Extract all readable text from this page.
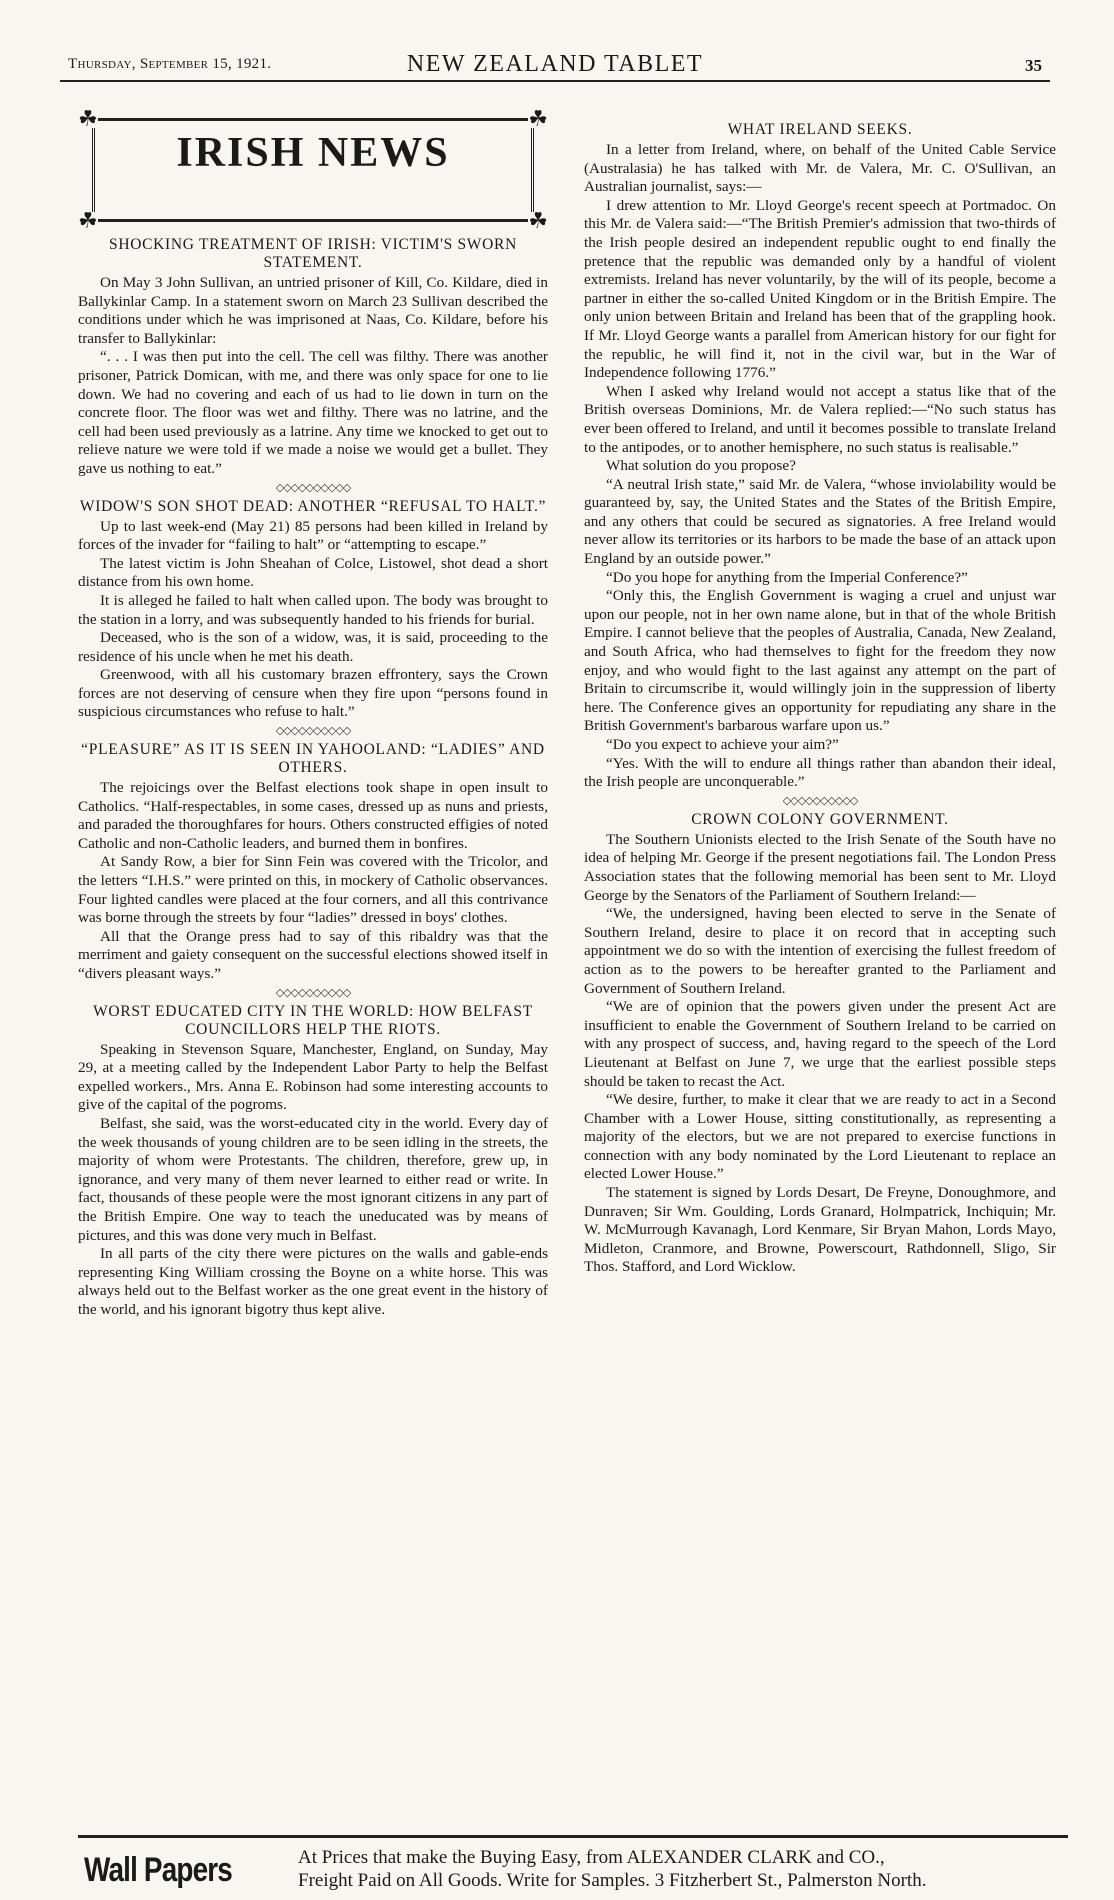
Thursday, September 15, 1921.	NEW ZEALAND TABLET	35
☘	☘
☘	☘
IRISH NEWS
SHOCKING TREATMENT OF IRISH: VICTIM'S SWORN STATEMENT.

On May 3 John Sullivan, an untried prisoner of Kill, Co. Kildare, died in Ballykinlar Camp. In a statement sworn on March 23 Sullivan described the conditions under which he was imprisoned at Naas, Co. Kildare, before his transfer to Ballykinlar:

“. . . I was then put into the cell. The cell was filthy. There was another prisoner, Patrick Domican, with me, and there was only space for one to lie down. We had no covering and each of us had to lie down in turn on the concrete floor. The floor was wet and filthy. There was no latrine, and the cell had been used previously as a latrine. Any time we knocked to get out to relieve nature we were told if we made a noise we would get a bullet. They gave us nothing to eat.”

◇◇◇◇◇◇◇◇◇◇
WIDOW'S SON SHOT DEAD: ANOTHER “REFUSAL TO HALT.”

Up to last week-end (May 21) 85 persons had been killed in Ireland by forces of the invader for “failing to halt” or “attempting to escape.”

The latest victim is John Sheahan of Colce, Listowel, shot dead a short distance from his own home.

It is alleged he failed to halt when called upon. The body was brought to the station in a lorry, and was subsequently handed to his friends for burial.

Deceased, who is the son of a widow, was, it is said, proceeding to the residence of his uncle when he met his death.

Greenwood, with all his customary brazen effrontery, says the Crown forces are not deserving of censure when they fire upon “persons found in suspicious circumstances who refuse to halt.”

◇◇◇◇◇◇◇◇◇◇
“PLEASURE” AS IT IS SEEN IN YAHOOLAND: “LADIES” AND OTHERS.

The rejoicings over the Belfast elections took shape in open insult to Catholics. “Half-respectables, in some cases, dressed up as nuns and priests, and paraded the thoroughfares for hours. Others constructed effigies of noted Catholic and non-Catholic leaders, and burned them in bonfires.

At Sandy Row, a bier for Sinn Fein was covered with the Tricolor, and the letters “I.H.S.” were printed on this, in mockery of Catholic observances. Four lighted candles were placed at the four corners, and all this contrivance was borne through the streets by four “ladies” dressed in boys' clothes.

All that the Orange press had to say of this ribaldry was that the merriment and gaiety consequent on the successful elections showed itself in “divers pleasant ways.”

◇◇◇◇◇◇◇◇◇◇
WORST EDUCATED CITY IN THE WORLD: HOW BELFAST COUNCILLORS HELP THE RIOTS.

Speaking in Stevenson Square, Manchester, England, on Sunday, May 29, at a meeting called by the Independent Labor Party to help the Belfast expelled workers., Mrs. Anna E. Robinson had some interesting accounts to give of the capital of the pogroms.

Belfast, she said, was the worst-educated city in the world. Every day of the week thousands of young children are to be seen idling in the streets, the majority of whom were Protestants. The children, therefore, grew up, in ignorance, and very many of them never learned to either read or write. In fact, thousands of these people were the most ignorant citizens in any part of the British Empire. One way to teach the uneducated was by means of pictures, and this was done very much in Belfast.

In all parts of the city there were pictures on the walls and gable-ends representing King William crossing the Boyne on a white horse. This was always held out to the Belfast worker as the one great event in the history of the world, and his ignorant bigotry thus kept alive.

WHAT IRELAND SEEKS.

In a letter from Ireland, where, on behalf of the United Cable Service (Australasia) he has talked with Mr. de Valera, Mr. C. O'Sullivan, an Australian journalist, says:—

I drew attention to Mr. Lloyd George's recent speech at Portmadoc. On this Mr. de Valera said:—“The British Premier's admission that two-thirds of the Irish people desired an independent republic ought to end finally the pretence that the republic was demanded only by a handful of violent extremists. Ireland has never voluntarily, by the will of its people, become a partner in either the so-called United Kingdom or in the British Empire. The only union between Britain and Ireland has been that of the grappling hook. If Mr. Lloyd George wants a parallel from American history for our fight for the republic, he will find it, not in the civil war, but in the War of Independence following 1776.”

When I asked why Ireland would not accept a status like that of the British overseas Dominions, Mr. de Valera replied:—“No such status has ever been offered to Ireland, and until it becomes possible to translate Ireland to the antipodes, or to another hemisphere, no such status is realisable.”

What solution do you propose?

“A neutral Irish state,” said Mr. de Valera, “whose inviolability would be guaranteed by, say, the United States and the States of the British Empire, and any others that could be secured as signatories. A free Ireland would never allow its territories or its harbors to be made the base of an attack upon England by an outside power.”

“Do you hope for anything from the Imperial Conference?”

“Only this, the English Government is waging a cruel and unjust war upon our people, not in her own name alone, but in that of the whole British Empire. I cannot believe that the peoples of Australia, Canada, New Zealand, and South Africa, who had themselves to fight for the freedom they now enjoy, and who would fight to the last against any attempt on the part of Britain to circumscribe it, would willingly join in the suppression of liberty here. The Conference gives an opportunity for repudiating any share in the British Government's barbarous warfare upon us.”

“Do you expect to achieve your aim?”

“Yes. With the will to endure all things rather than abandon their ideal, the Irish people are unconquerable.”

◇◇◇◇◇◇◇◇◇◇
CROWN COLONY GOVERNMENT.

The Southern Unionists elected to the Irish Senate of the South have no idea of helping Mr. George if the present negotiations fail. The London Press Association states that the following memorial has been sent to Mr. Lloyd George by the Senators of the Parliament of Southern Ireland:—

“We, the undersigned, having been elected to serve in the Senate of Southern Ireland, desire to place it on record that in accepting such appointment we do so with the intention of exercising the fullest freedom of action as to the powers to be hereafter granted to the Parliament and Government of Southern Ireland.

“We are of opinion that the powers given under the present Act are insufficient to enable the Government of Southern Ireland to be carried on with any prospect of success, and, having regard to the speech of the Lord Lieutenant at Belfast on June 7, we urge that the earliest possible steps should be taken to recast the Act.

“We desire, further, to make it clear that we are ready to act in a Second Chamber with a Lower House, sitting constitutionally, as representing a majority of the electors, but we are not prepared to exercise functions in connection with any body nominated by the Lord Lieutenant to replace an elected Lower House.”

The statement is signed by Lords Desart, De Freyne, Donoughmore, and Dunraven; Sir Wm. Goulding, Lords Granard, Holmpatrick, Inchiquin; Mr. W. McMurrough Kavanagh, Lord Kenmare, Sir Bryan Mahon, Lords Mayo, Midleton, Cranmore, and Browne, Powerscourt, Rathdonnell, Sligo, Sir Thos. Stafford, and Lord Wicklow.

Wall Papers	At Prices that make the Buying Easy, from ALEXANDER CLARK and CO.,
Freight Paid on All Goods. Write for Samples. 3 Fitzherbert St., Palmerston North.
